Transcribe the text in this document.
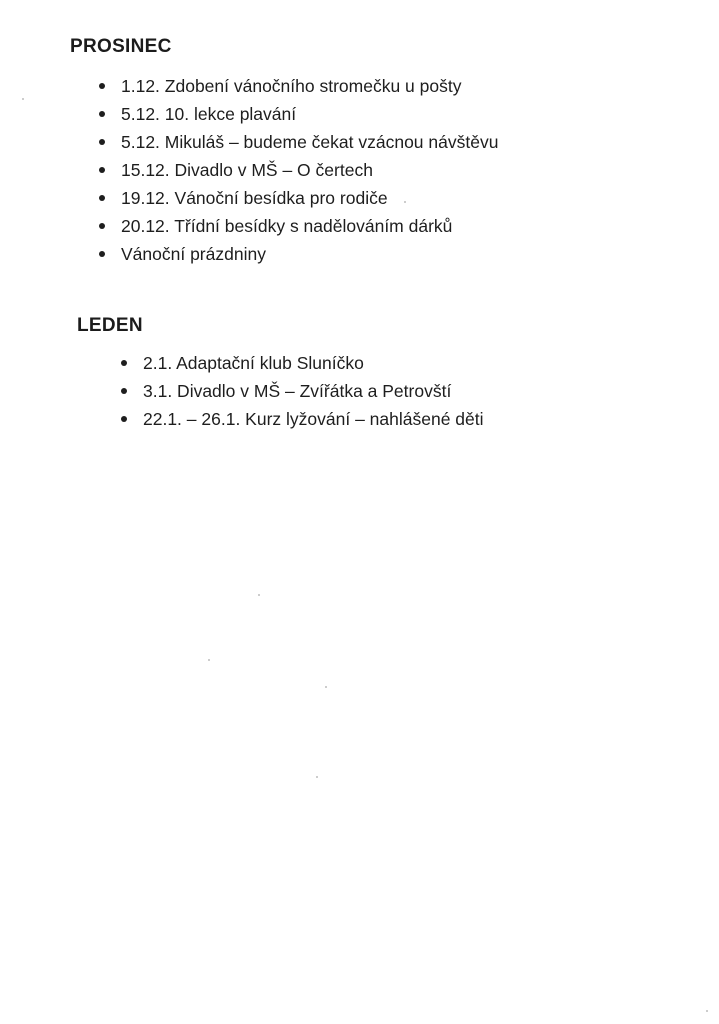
PROSINEC
1.12. Zdobení vánočního stromečku u pošty
5.12. 10. lekce plavání
5.12. Mikuláš – budeme čekat vzácnou návštěvu
15.12. Divadlo v MŠ – O čertech
19.12. Vánoční besídka pro rodiče
20.12. Třídní besídky s nadělováním dárků
Vánoční prázdniny
LEDEN
2.1. Adaptační klub Sluníčko
3.1. Divadlo v MŠ – Zvířátka a Petrovští
22.1. – 26.1. Kurz lyžování – nahlášené děti
